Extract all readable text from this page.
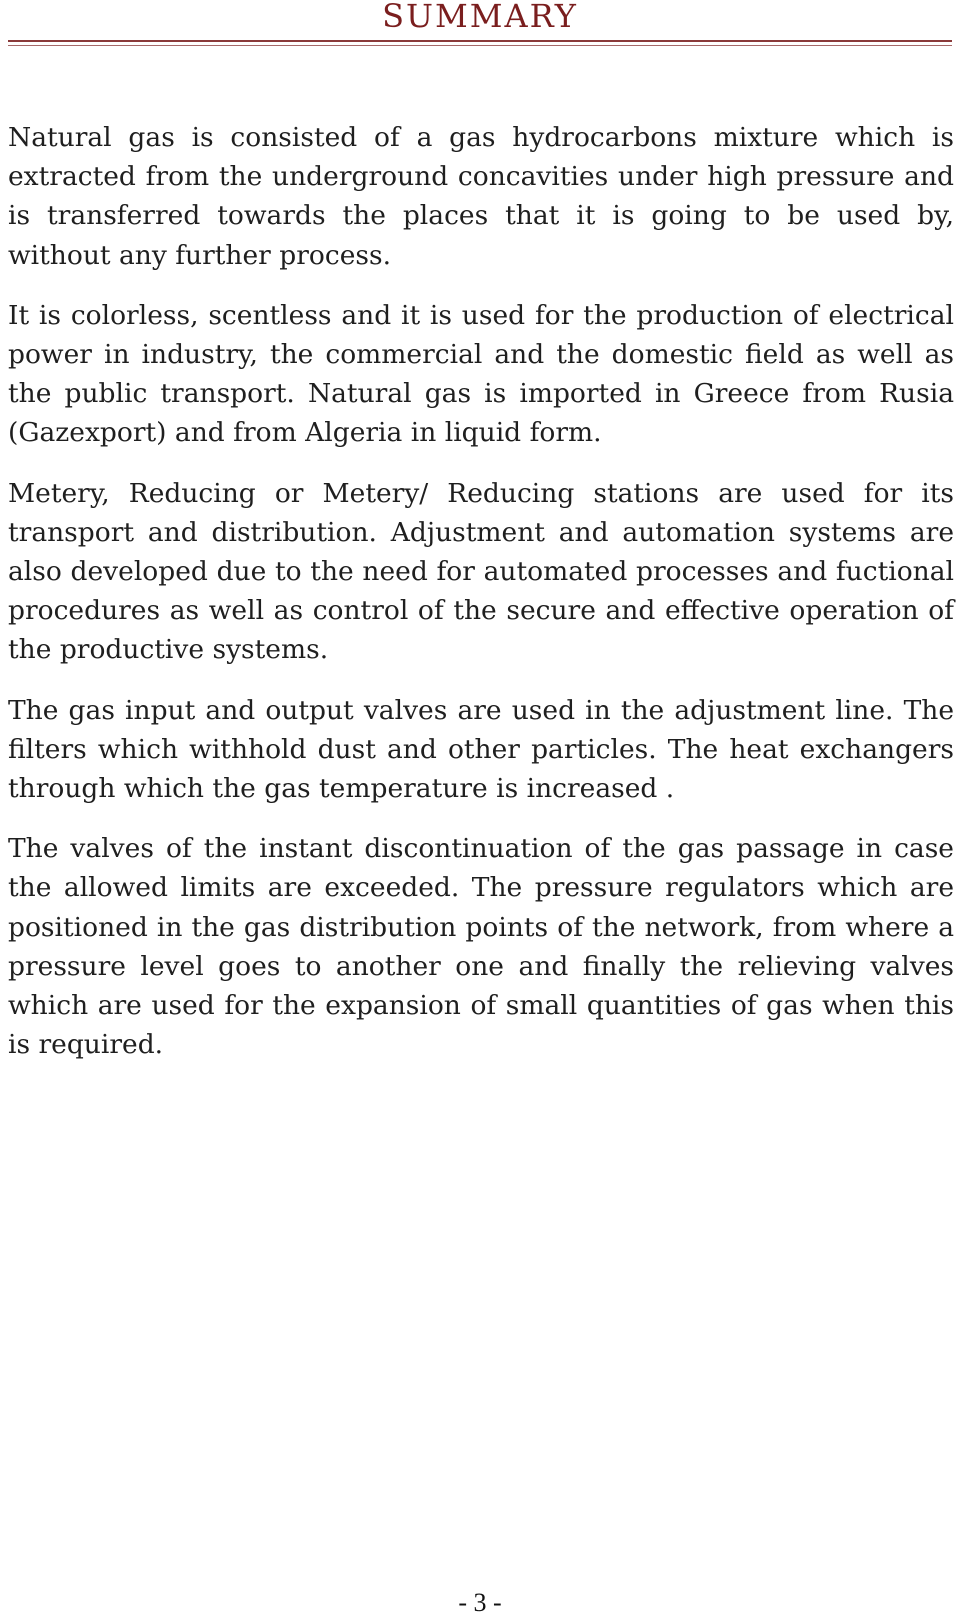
SUMMARY

Natural gas is consisted of a gas hydrocarbons mixture which is extracted from the underground concavities under high pressure and is transferred towards the places that it is going to be used by, without any further process.

It is colorless, scentless and it is used for the production of electrical power in industry, the commercial and the domestic field as well as the public transport. Natural gas is imported in Greece from Rusia (Gazexport) and from Algeria in liquid form.

Metery, Reducing or Metery/ Reducing stations are used for its transport and distribution. Adjustment and automation systems are also developed due to the need for automated processes and fuctional procedures as well as control of the secure and effective operation of the productive systems.

The gas input and output valves are used in the adjustment line. The filters which withhold dust and other particles. The heat exchangers through which the gas temperature is increased .

The valves of the instant discontinuation of the gas passage in case the allowed limits are exceeded. The pressure regulators which are positioned in the gas distribution points of the network, from where a pressure level goes to another one and finally the relieving valves which are used for the expansion of small quantities of gas when this is required.

- 3 -
